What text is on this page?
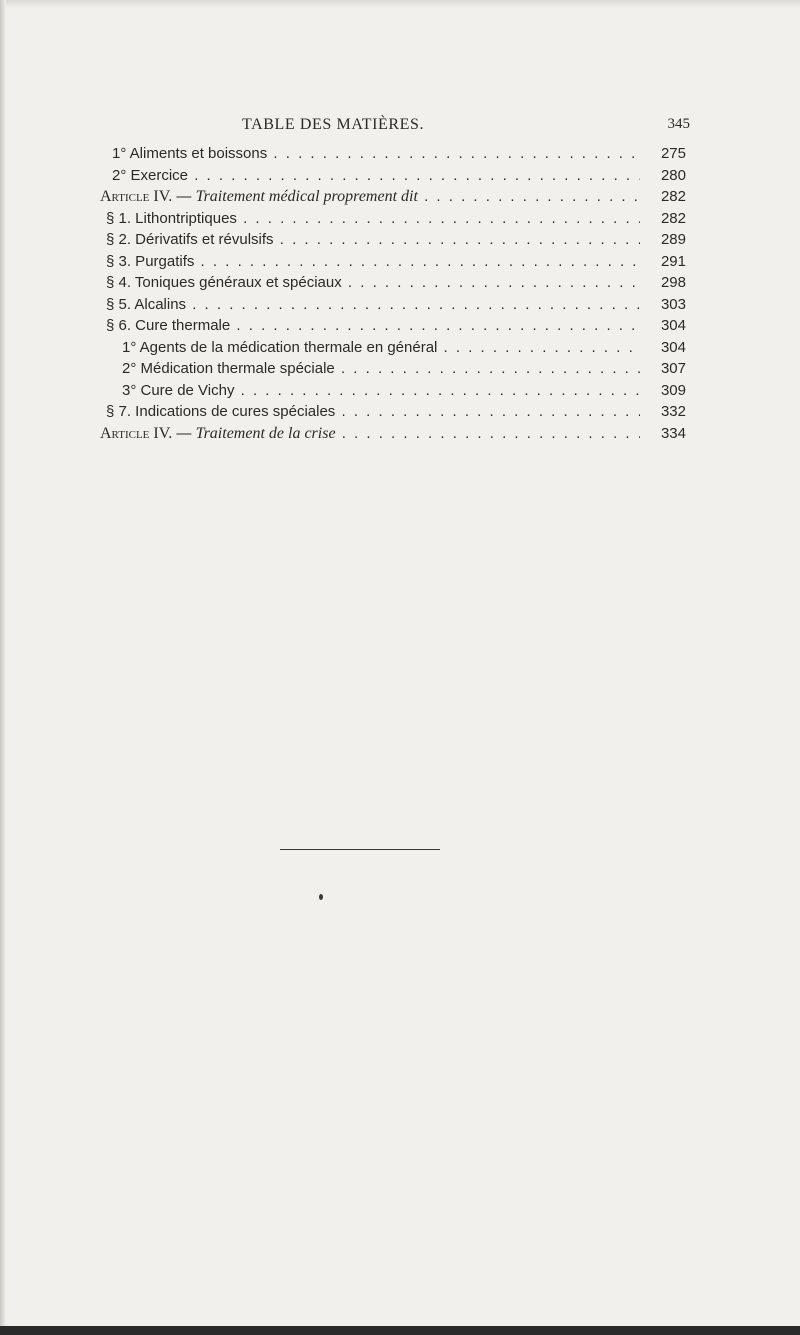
TABLE DES MATIÈRES.	345
1° Aliments et boissons . . .	275
2° Exercice . . .	280
Article IV. — Traitement médical proprement dit . . .	282
§ 1. Lithontriptiques . . .	282
§ 2. Dérivatifs et révulsifs . . .	289
§ 3. Purgatifs . . .	291
§ 4. Toniques généraux et spéciaux . . .	298
§ 5. Alcalins . . .	303
§ 6. Cure thermale . . .	304
1° Agents de la médication thermale en général . . .	304
2° Médication thermale spéciale . . .	307
3° Cure de Vichy . . .	309
§ 7. Indications de cures spéciales . . .	332
Article IV. — Traitement de la crise . . .	334
